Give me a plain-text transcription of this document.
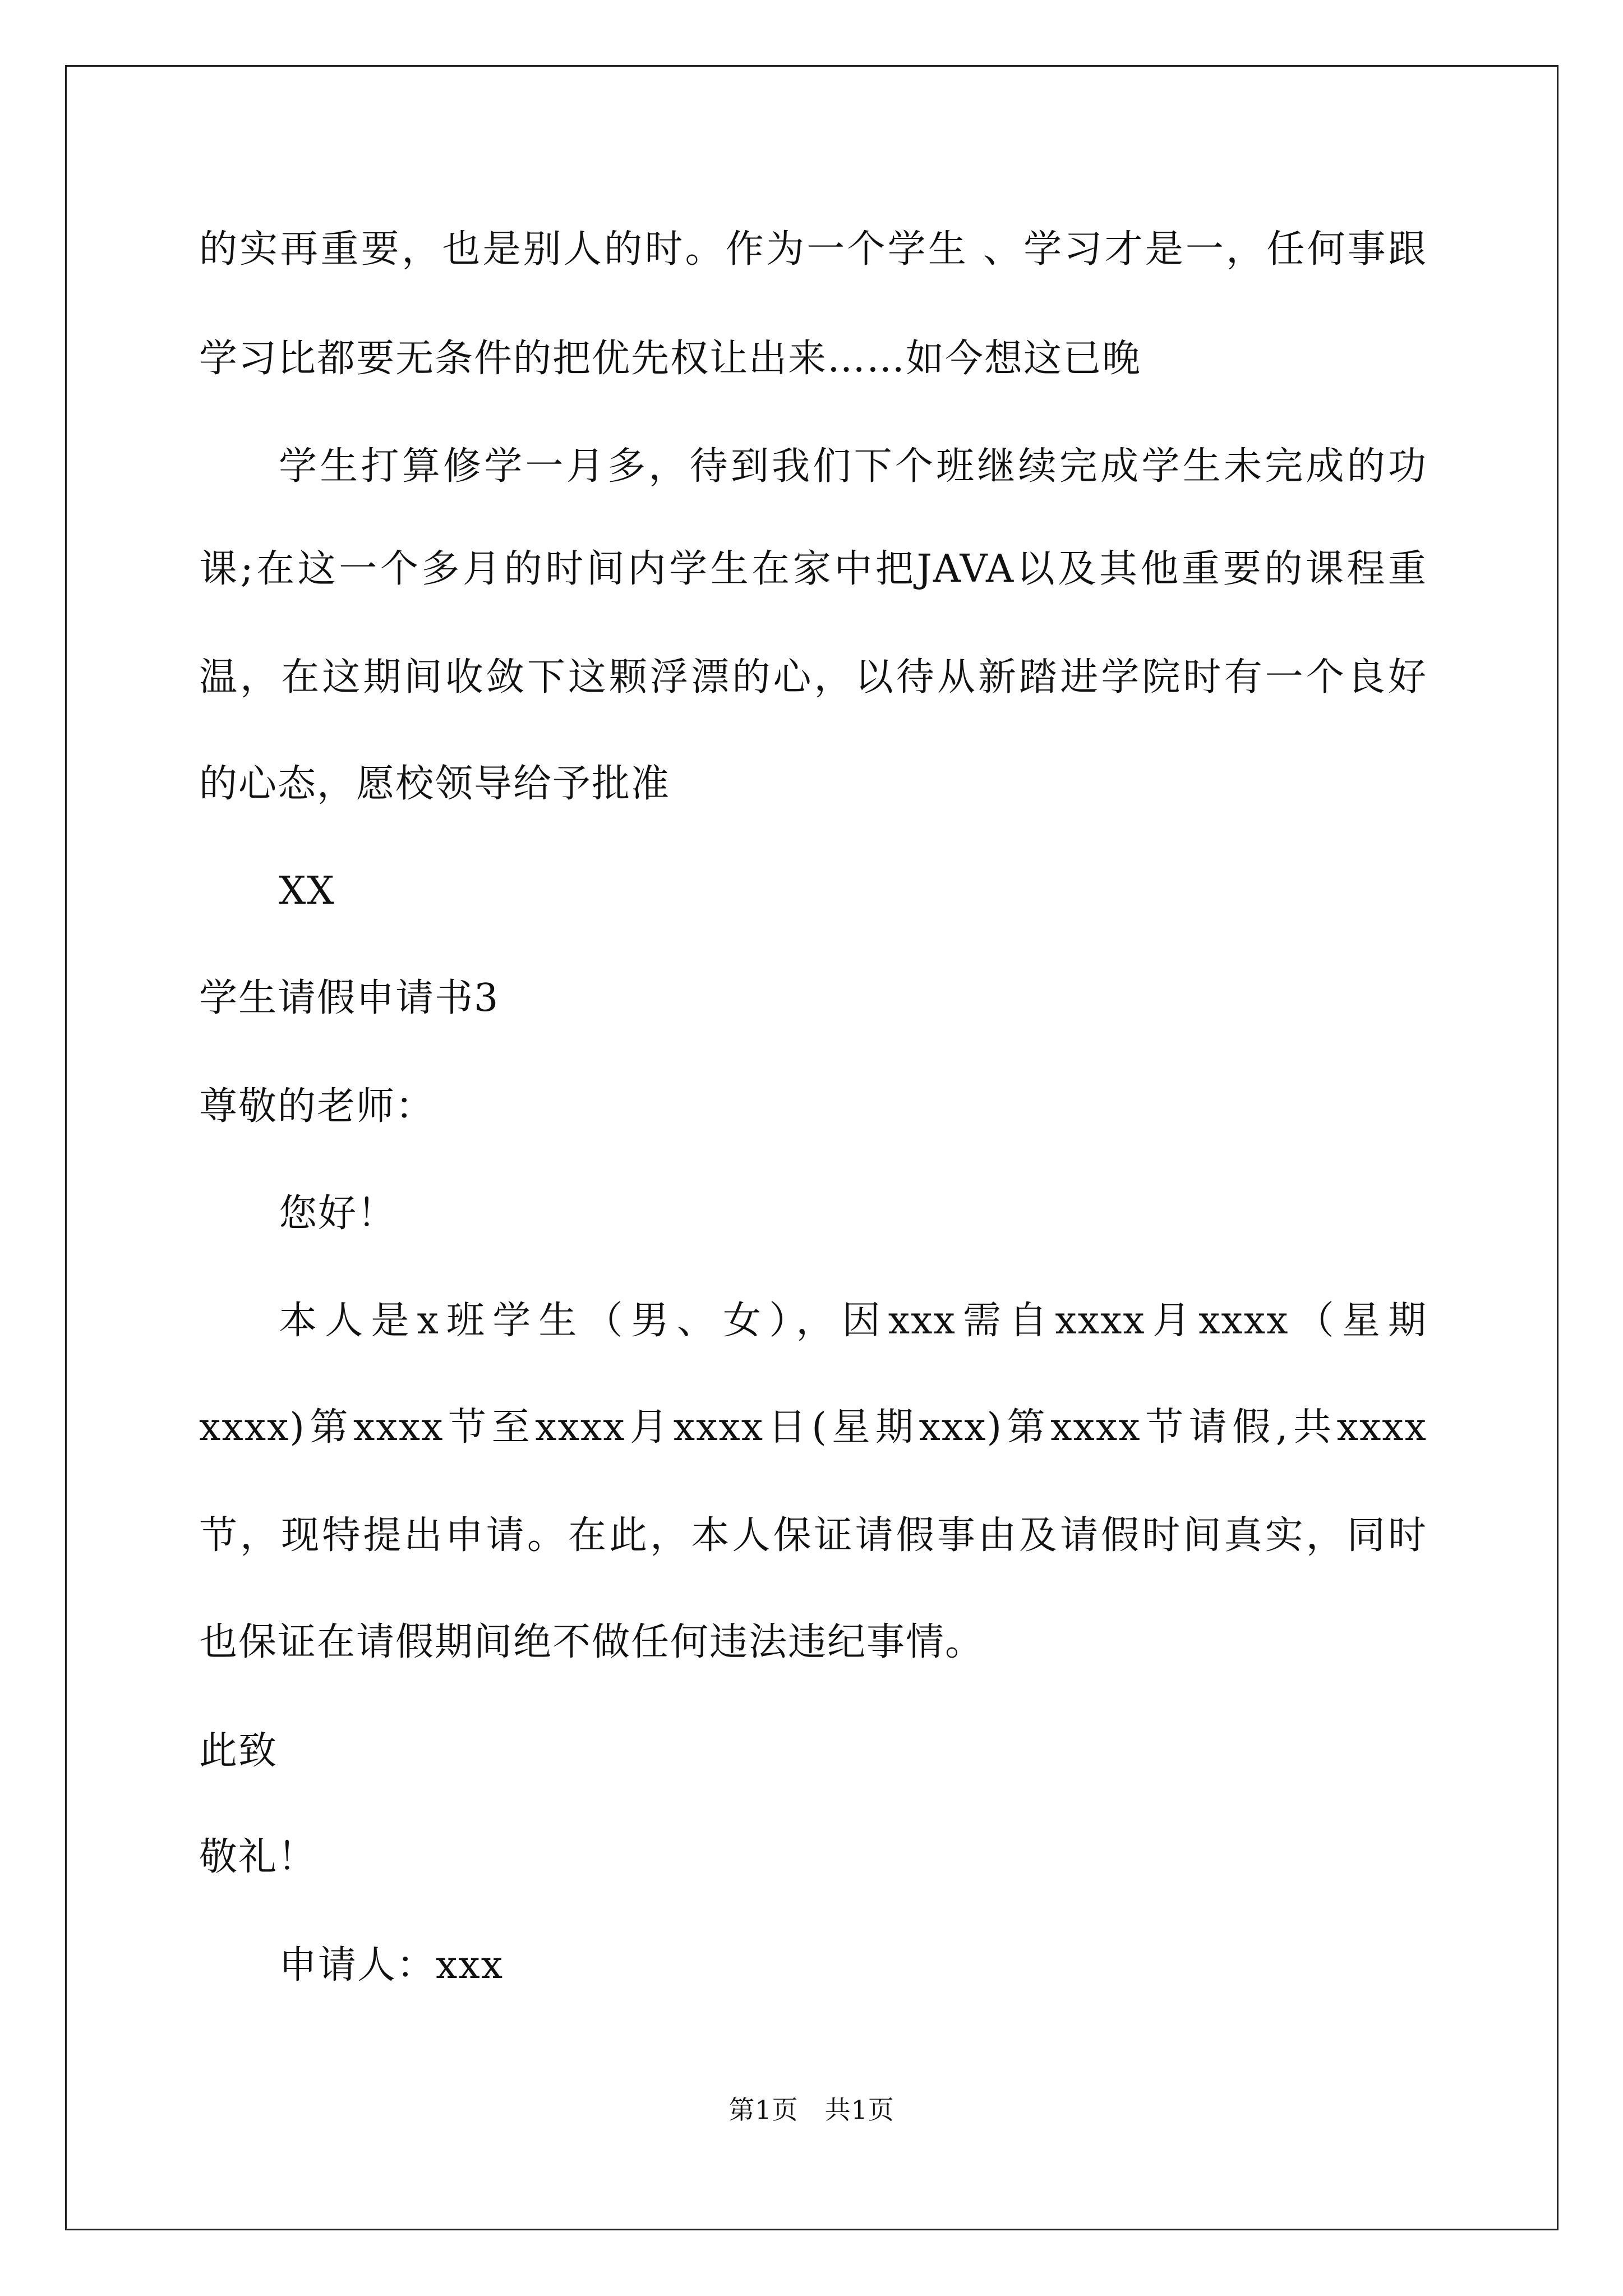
的实再重要，也是别人的时。作为一个学生 、学习才是一，任何事跟
学习比都要无条件的把优先权让出来……如今想这已晚
学生打算修学一月多，待到我们下个班继续完成学生未完成的功
课;在这一个多月的时间内学生在家中把JAVA以及其他重要的课程重
温，在这期间收敛下这颗浮漂的心，以待从新踏进学院时有一个良好
的心态，愿校领导给予批准
XX
学生请假申请书3
尊敬的老师：
您好！
本人是x班学生（男、女），因xxx需自xxxx月xxxx（星期
xxxx)第xxxx节至xxxx月xxxx日(星期xxx)第xxxx节请假,共xxxx
节，现特提出申请。在此，本人保证请假事由及请假时间真实，同时
也保证在请假期间绝不做任何违法违纪事情。
此致
敬礼！
申请人：xxx
第1页　共1页
